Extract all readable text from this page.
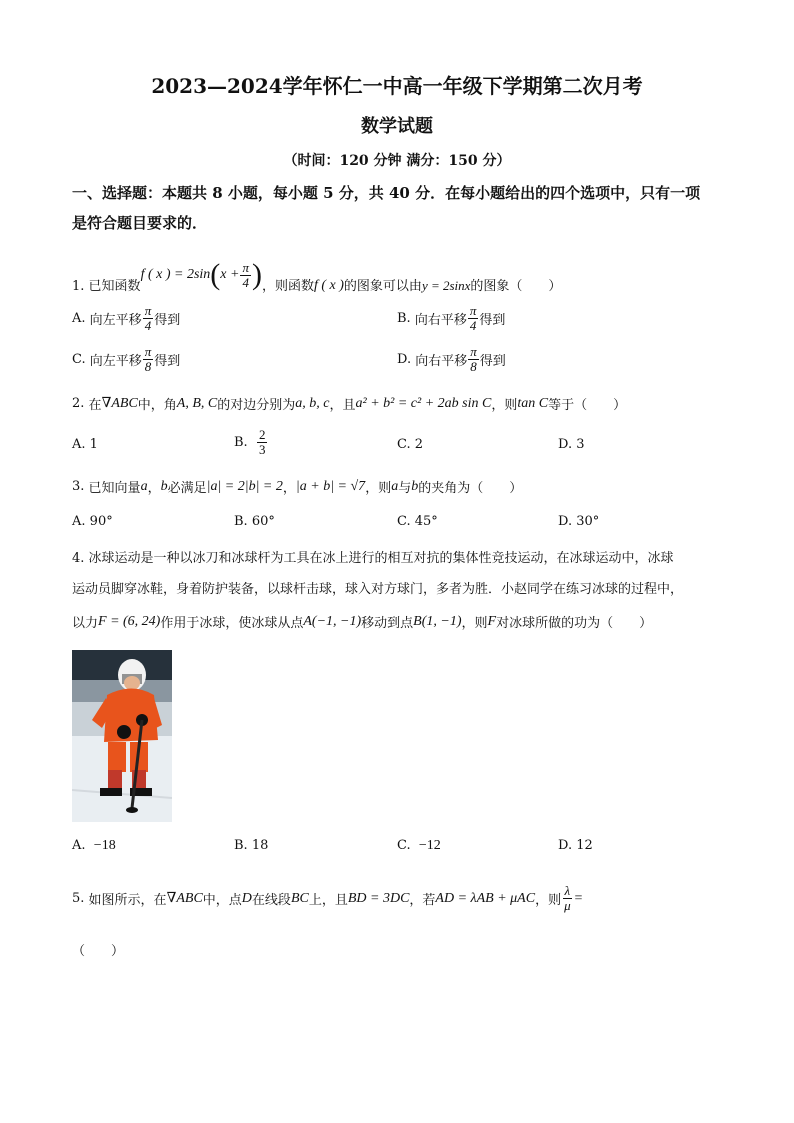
2023—2024学年怀仁一中高一年级下学期第二次月考
数学试题
（时间：120 分钟 满分：150 分）
一、选择题：本题共 8 小题，每小题 5 分，共 40 分．在每小题给出的四个选项中，只有一项
是符合题目要求的．
1.
已知函数
f ( x ) = 2sin ( $x + \frac{\pi}{4}$ ) ，则函数 f ( x ) 的图象可以由 y = 2sinx 的图象（　　）
A.
向左平移 $\frac{\pi}{4}$ 得到	B.
向右平移 $\frac{\pi}{4}$ 得到
C.
向左平移 $\frac{\pi}{8}$ 得到	D.
向右平移 $\frac{\pi}{8}$ 得到
2.
在 ∇ABC 中，角 A, B, C 的对边分别为 a, b, c ，且 a² + b² = c² + 2ab sin C ，则 tan C 等于（　　）
A. 1	B.
$\frac{2}{3}$	C. 2	D. 3
3.
已知向量 a ， b 必满足 |a| = 2|b| = 2 ， |a + b| = √7 ，则 a 与 b 的夹角为（　　）
A. 90°	B. 60°	C. 45°	D. 30°
4. 冰球运动是一种以冰刀和冰球杆为工具在冰上进行的相互对抗的集体性竞技运动，在冰球运动中，冰球
运动员脚穿冰鞋，身着防护装备，以球杆击球，球入对方球门，多者为胜．小赵同学在练习冰球的过程中，
以力 F = (6, 24) 作用于冰球，使冰球从点 A(−1, −1) 移动到点 B(1, −1) ，则 F 对冰球所做的功为（　　）
A. −18	B. 18	C. −12	D. 12
5.
如图所示，在 ∇ABC 中，点 D 在线段 BC 上，且 BD = 3DC ，若 AD = λAB + μAC ，则 $\frac{\lambda}{\mu}$ =
（　　）
